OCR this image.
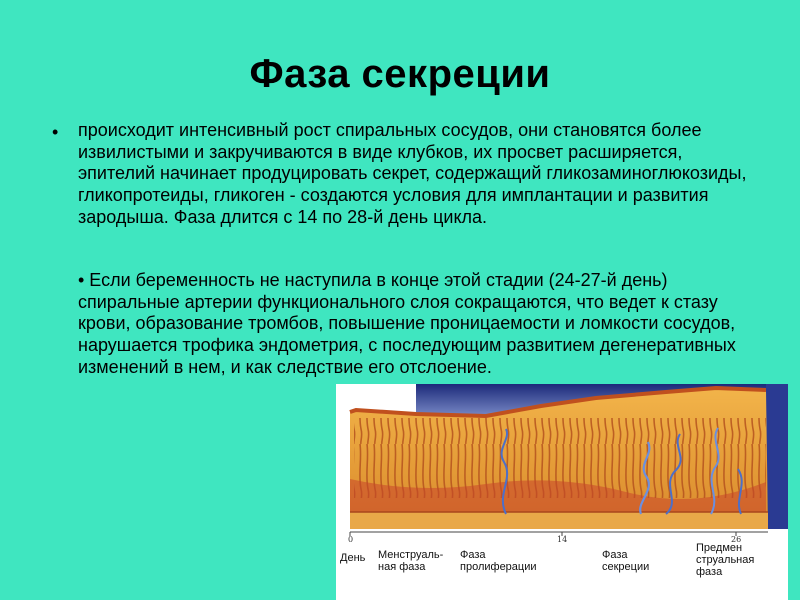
Фаза секреции
• происходит интенсивный рост спиральных сосудов, они становятся более извилистыми и закручиваются в виде клубков, их просвет расширяется, эпителий начинает продуцировать секрет, содержащий гликозаминоглюкозиды, гликопротеиды, гликоген - создаются условия для имплантации и развития зародыша. Фаза длится с 14 по 28-й день цикла.
• Если беременность не наступила в конце этой стадии (24-27-й день) спиральные артерии функционального слоя сокращаются, что ведет к стазу крови, образование тромбов, повышение проницаемости и ломкости сосудов, нарушается трофика эндометрия, с последующим развитием дегенеративных изменений в нем, и как следствие его отслоение.
0	14	26
День Менструаль-
ная фаза
Фаза
пролиферации
Фаза
секреции
Предмен
струальная
фаза
